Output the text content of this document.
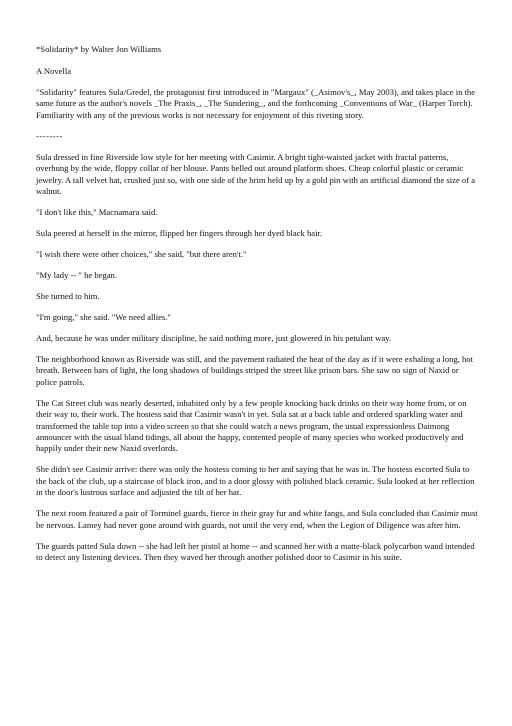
*Solidarity* by Walter Jon Williams

A Novella

"Solidarity" features Sula/Gredel, the protagonist first introduced in "Margaux" (_Asimov's_, May 2003), and takes place in the same future as the author's novels _The Praxis_, _The Sundering_, and the forthcoming _Conventions of War_ (Harper Torch). Familiarity with any of the previous works is not necessary for enjoyment of this riveting story.

--------

Sula dressed in fine Riverside low style for her meeting with Casimir. A bright tight-waisted jacket with fractal patterns, overhung by the wide, floppy collar of her blouse. Pants belled out around platform shoes. Cheap colorful plastic or ceramic jewelry. A tall velvet hat, crushed just so, with one side of the brim held up by a gold pin with an artificial diamond the size of a walnut.

"I don't like this," Macnamara said.

Sula peered at herself in the mirror, flipped her fingers through her dyed black hair.

"I wish there were other choices," she said, "but there aren't."

"My lady -- " he began.

She turned to him.

"I'm going," she said. "We need allies."

And, because he was under military discipline, he said nothing more, just glowered in his petulant way.

The neighborhood known as Riverside was still, and the pavement radiated the heat of the day as if it were exhaling a long, hot breath. Between bars of light, the long shadows of buildings striped the street like prison bars. She saw no sign of Naxid or police patrols.

The Cat Street club was nearly deserted, inhabited only by a few people knocking back drinks on their way home from, or on their way to, their work. The hostess said that Casimir wasn't in yet. Sula sat at a back table and ordered sparkling water and transformed the table top into a video screen so that she could watch a news program, the usual expressionless Daimong announcer with the usual bland tidings, all about the happy, contented people of many species who worked productively and happily under their new Naxid overlords.

She didn't see Casimir arrive: there was only the hostess coming to her and saying that he was in. The hostess escorted Sula to the back of the club, up a staircase of black iron, and to a door glossy with polished black ceramic. Sula looked at her reflection in the door's lustrous surface and adjusted the tilt of her hat.

The next room featured a pair of Torminel guards, fierce in their gray fur and white fangs, and Sula concluded that Casimir must be nervous. Lamey had never gone around with guards, not until the very end, when the Legion of Diligence was after him.

The guards patted Sula down -- she had left her pistol at home -- and scanned her with a matte-black polycarbon wand intended to detect any listening devices. Then they waved her through another polished door to Casimir in his suite.
